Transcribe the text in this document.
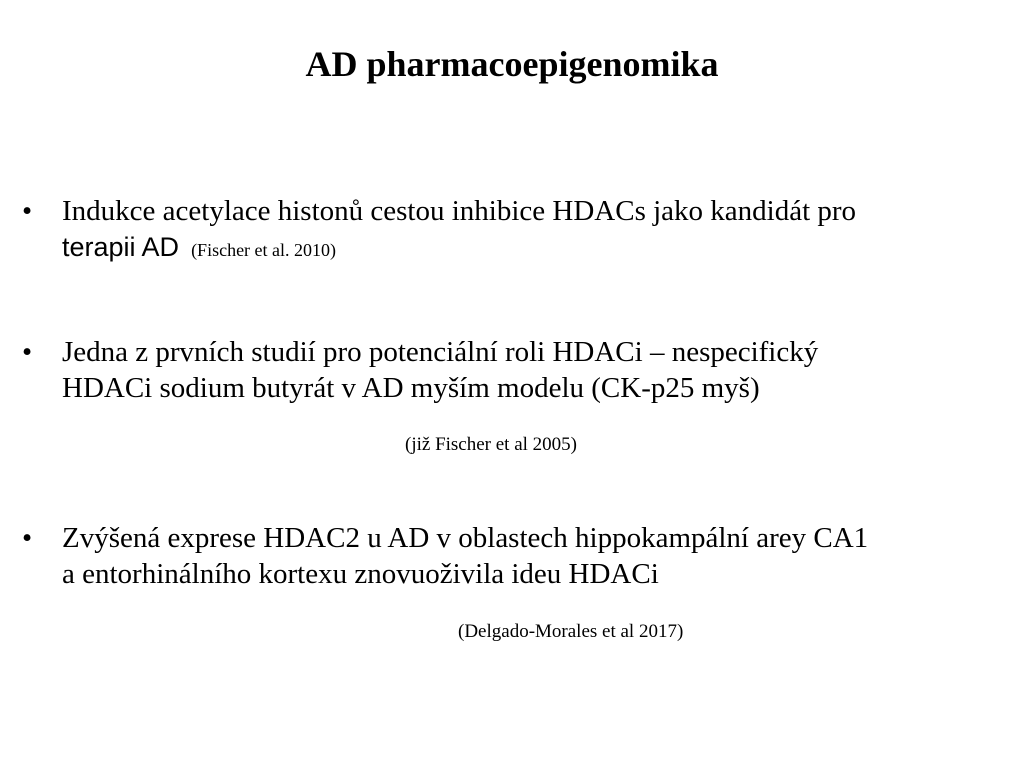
AD pharmacoepigenomika
•	Indukce acetylace histonů cestou inhibice HDACs jako kandidát pro
terapii AD (Fischer et al. 2010)
•	Jedna z prvních studií pro potenciální roli HDACi – nespecifický
HDACi sodium butyrát v AD myším modelu (CK-p25 myš)
(již Fischer et al 2005)
•	Zvýšená exprese HDAC2 u AD v oblastech hippokampální arey CA1
a entorhinálního kortexu znovuoživila ideu HDACi
(Delgado-Morales et al 2017)
